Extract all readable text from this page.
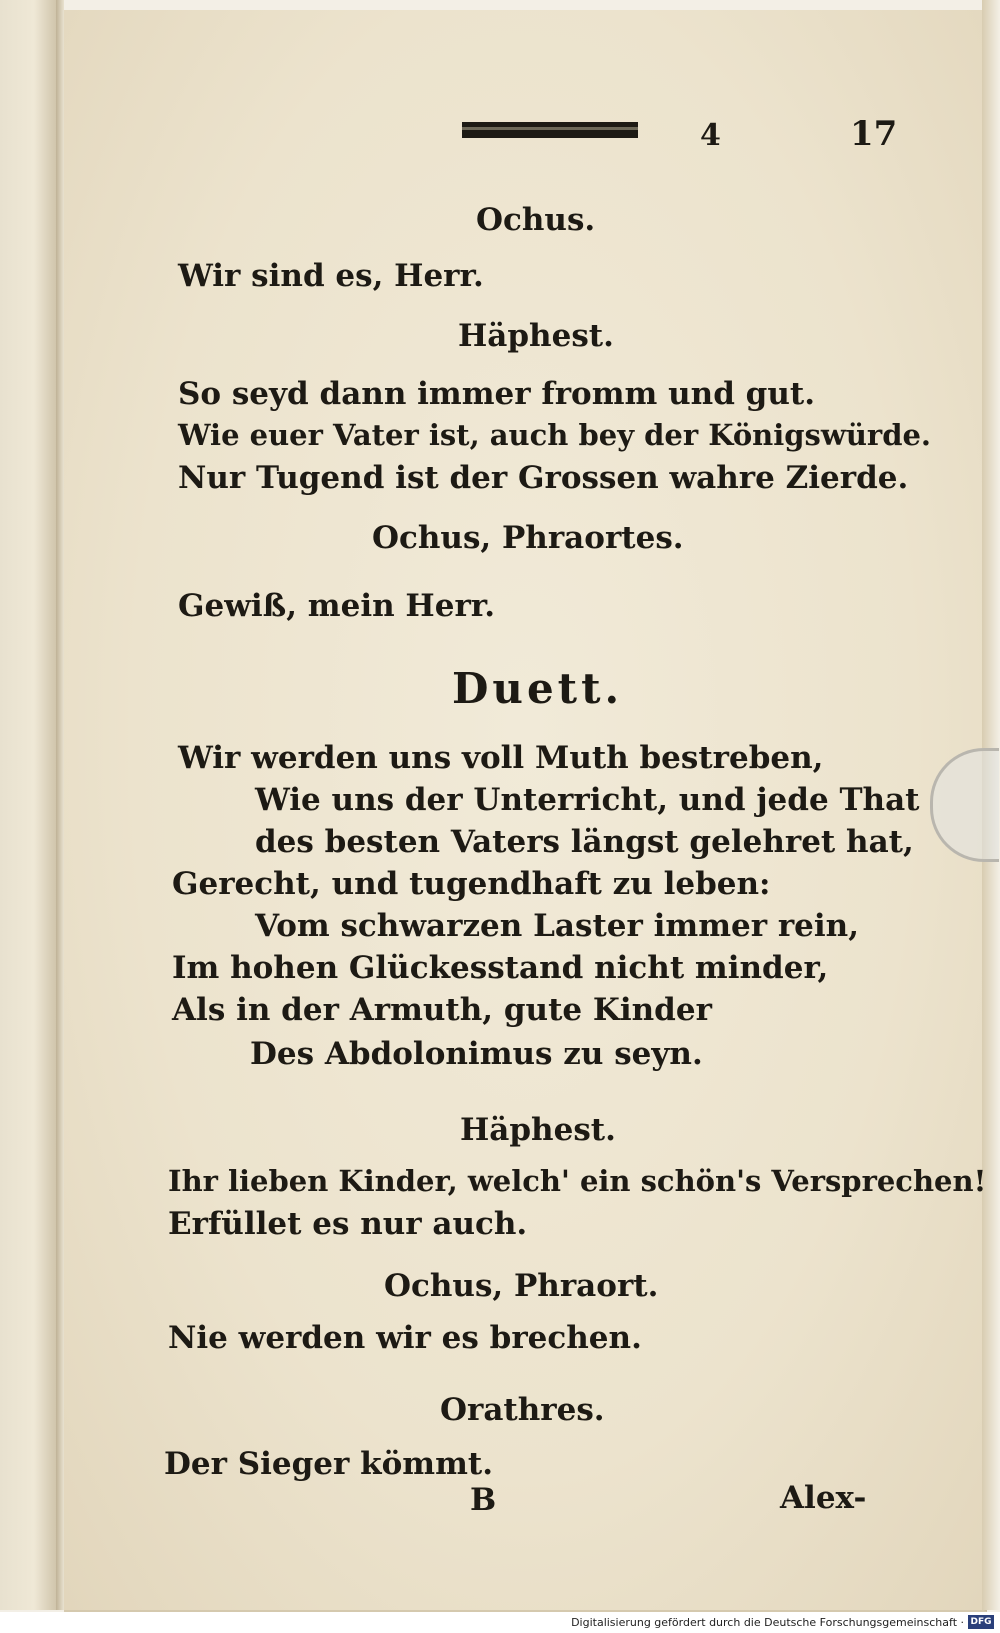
4	17
Ochus.
Wir sind es, Herr.
Häphest.
So seyd dann immer fromm und gut.
Wie euer Vater ist, auch bey der Königswürde.
Nur Tugend ist der Grossen wahre Zierde.
Ochus, Phraortes.
Gewiß, mein Herr.
Duett.
Wir werden uns voll Muth bestreben,
Wie uns der Unterricht, und jede That
des besten Vaters längst gelehret hat,
Gerecht, und tugendhaft zu leben:
Vom schwarzen Laster immer rein,
Im hohen Glückesstand nicht minder,
Als in der Armuth, gute Kinder
Des Abdolonimus zu seyn.
Häphest.
Ihr lieben Kinder, welch' ein schön's Versprechen!
Erfüllet es nur auch.
Ochus, Phraort.
Nie werden wir es brechen.
Orathres.
Der Sieger kömmt.
B	Alex-
Digitalisierung gefördert durch die Deutsche Forschungsgemeinschaft · DFG
